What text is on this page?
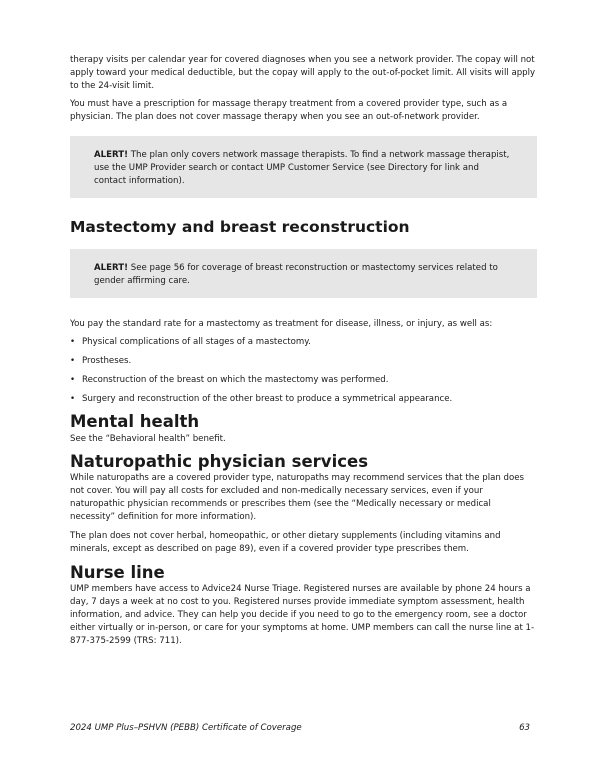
therapy visits per calendar year for covered diagnoses when you see a network provider. The copay will not apply toward your medical deductible, but the copay will apply to the out-of-pocket limit. All visits will apply to the 24-visit limit.

You must have a prescription for massage therapy treatment from a covered provider type, such as a physician. The plan does not cover massage therapy when you see an out-of-network provider.

ALERT! The plan only covers network massage therapists. To find a network massage therapist, use the UMP Provider search or contact UMP Customer Service (see Directory for link and contact information).
Mastectomy and breast reconstruction
ALERT! See page 56 for coverage of breast reconstruction or mastectomy services related to gender affirming care.

You pay the standard rate for a mastectomy as treatment for disease, illness, or injury, as well as:

• Physical complications of all stages of a mastectomy.
• Prostheses.
• Reconstruction of the breast on which the mastectomy was performed.
• Surgery and reconstruction of the other breast to produce a symmetrical appearance.
Mental health

See the “Behavioral health” benefit.

Naturopathic physician services

While naturopaths are a covered provider type, naturopaths may recommend services that the plan does not cover. You will pay all costs for excluded and non-medically necessary services, even if your naturopathic physician recommends or prescribes them (see the “Medically necessary or medical necessity” definition for more information).

The plan does not cover herbal, homeopathic, or other dietary supplements (including vitamins and minerals, except as described on page 89), even if a covered provider type prescribes them.

Nurse line

UMP members have access to Advice24 Nurse Triage. Registered nurses are available by phone 24 hours a day, 7 days a week at no cost to you. Registered nurses provide immediate symptom assessment, health information, and advice. They can help you decide if you need to go to the emergency room, see a doctor either virtually or in-person, or care for your symptoms at home. UMP members can call the nurse line at 1-877-375-2599 (TRS: 711).

2024 UMP Plus–PSHVN (PEBB) Certificate of Coverage	63
